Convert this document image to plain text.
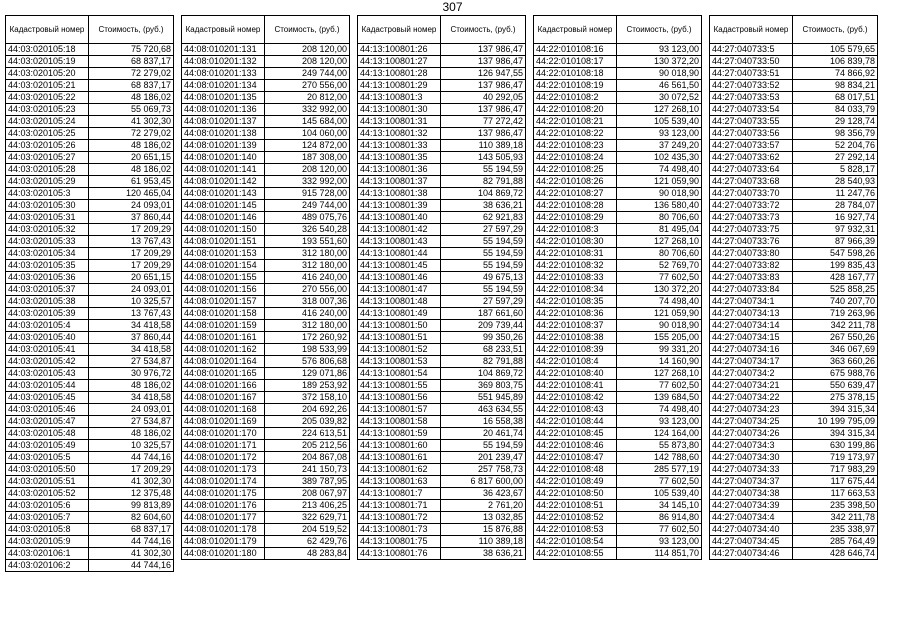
307
Кадастровый номер	Стоимость, (руб.)
44:03:020105:18	75 720,68
44:03:020105:19	68 837,17
44:03:020105:20	72 279,02
44:03:020105:21	68 837,17
44:03:020105:22	48 186,02
44:03:020105:23	55 069,73
44:03:020105:24	41 302,30
44:03:020105:25	72 279,02
44:03:020105:26	48 186,02
44:03:020105:27	20 651,15
44:03:020105:28	48 186,02
44:03:020105:29	61 953,45
44:03:020105:3	120 465,04
44:03:020105:30	24 093,01
44:03:020105:31	37 860,44
44:03:020105:32	17 209,29
44:03:020105:33	13 767,43
44:03:020105:34	17 209,29
44:03:020105:35	17 209,29
44:03:020105:36	20 651,15
44:03:020105:37	24 093,01
44:03:020105:38	10 325,57
44:03:020105:39	13 767,43
44:03:020105:4	34 418,58
44:03:020105:40	37 860,44
44:03:020105:41	34 418,58
44:03:020105:42	27 534,87
44:03:020105:43	30 976,72
44:03:020105:44	48 186,02
44:03:020105:45	34 418,58
44:03:020105:46	24 093,01
44:03:020105:47	27 534,87
44:03:020105:48	48 186,02
44:03:020105:49	10 325,57
44:03:020105:5	44 744,16
44:03:020105:50	17 209,29
44:03:020105:51	41 302,30
44:03:020105:52	12 375,48
44:03:020105:6	99 813,89
44:03:020105:7	82 604,60
44:03:020105:8	68 837,17
44:03:020105:9	44 744,16
44:03:020106:1	41 302,30
44:03:020106:2	44 744,16
Кадастровый номер	Стоимость, (руб.)
44:08:010201:131	208 120,00
44:08:010201:132	208 120,00
44:08:010201:133	249 744,00
44:08:010201:134	270 556,00
44:08:010201:135	20 812,00
44:08:010201:136	332 992,00
44:08:010201:137	145 684,00
44:08:010201:138	104 060,00
44:08:010201:139	124 872,00
44:08:010201:140	187 308,00
44:08:010201:141	208 120,00
44:08:010201:142	332 992,00
44:08:010201:143	915 728,00
44:08:010201:145	249 744,00
44:08:010201:146	489 075,76
44:08:010201:150	326 540,28
44:08:010201:151	193 551,60
44:08:010201:153	312 180,00
44:08:010201:154	312 180,00
44:08:010201:155	416 240,00
44:08:010201:156	270 556,00
44:08:010201:157	318 007,36
44:08:010201:158	416 240,00
44:08:010201:159	312 180,00
44:08:010201:161	172 260,92
44:08:010201:162	198 533,99
44:08:010201:164	576 806,68
44:08:010201:165	129 071,86
44:08:010201:166	189 253,92
44:08:010201:167	372 158,10
44:08:010201:168	204 692,26
44:08:010201:169	205 039,82
44:08:010201:170	224 613,51
44:08:010201:171	205 212,56
44:08:010201:172	204 867,08
44:08:010201:173	241 150,73
44:08:010201:174	389 787,95
44:08:010201:175	208 067,97
44:08:010201:176	213 406,25
44:08:010201:177	322 629,71
44:08:010201:178	204 519,52
44:08:010201:179	62 429,76
44:08:010201:180	48 283,84
Кадастровый номер	Стоимость, (руб.)
44:13:100801:26	137 986,47
44:13:100801:27	137 986,47
44:13:100801:28	126 947,55
44:13:100801:29	137 986,47
44:13:100801:3	40 292,05
44:13:100801:30	137 986,47
44:13:100801:31	77 272,42
44:13:100801:32	137 986,47
44:13:100801:33	110 389,18
44:13:100801:35	143 505,93
44:13:100801:36	55 194,59
44:13:100801:37	82 791,88
44:13:100801:38	104 869,72
44:13:100801:39	38 636,21
44:13:100801:40	62 921,83
44:13:100801:42	27 597,29
44:13:100801:43	55 194,59
44:13:100801:44	55 194,59
44:13:100801:45	55 194,59
44:13:100801:46	49 675,13
44:13:100801:47	55 194,59
44:13:100801:48	27 597,29
44:13:100801:49	187 661,60
44:13:100801:50	209 739,44
44:13:100801:51	99 350,26
44:13:100801:52	68 233,51
44:13:100801:53	82 791,88
44:13:100801:54	104 869,72
44:13:100801:55	369 803,75
44:13:100801:56	551 945,89
44:13:100801:57	463 634,55
44:13:100801:58	16 558,38
44:13:100801:59	20 461,74
44:13:100801:60	55 194,59
44:13:100801:61	201 239,47
44:13:100801:62	257 758,73
44:13:100801:63	6 817 600,00
44:13:100801:7	36 423,67
44:13:100801:71	2 761,20
44:13:100801:72	13 032,85
44:13:100801:73	15 876,88
44:13:100801:75	110 389,18
44:13:100801:76	38 636,21
Кадастровый номер	Стоимость, (руб.)
44:22:010108:16	93 123,00
44:22:010108:17	130 372,20
44:22:010108:18	90 018,90
44:22:010108:19	46 561,50
44:22:010108:2	30 072,52
44:22:010108:20	127 268,10
44:22:010108:21	105 539,40
44:22:010108:22	93 123,00
44:22:010108:23	37 249,20
44:22:010108:24	102 435,30
44:22:010108:25	74 498,40
44:22:010108:26	121 059,90
44:22:010108:27	90 018,90
44:22:010108:28	136 580,40
44:22:010108:29	80 706,60
44:22:010108:3	81 495,04
44:22:010108:30	127 268,10
44:22:010108:31	80 706,60
44:22:010108:32	52 769,70
44:22:010108:33	77 602,50
44:22:010108:34	130 372,20
44:22:010108:35	74 498,40
44:22:010108:36	121 059,90
44:22:010108:37	90 018,90
44:22:010108:38	155 205,00
44:22:010108:39	99 331,20
44:22:010108:4	14 160,90
44:22:010108:40	127 268,10
44:22:010108:41	77 602,50
44:22:010108:42	139 684,50
44:22:010108:43	74 498,40
44:22:010108:44	93 123,00
44:22:010108:45	124 164,00
44:22:010108:46	55 873,80
44:22:010108:47	142 788,60
44:22:010108:48	285 577,19
44:22:010108:49	77 602,50
44:22:010108:50	105 539,40
44:22:010108:51	34 145,10
44:22:010108:52	86 914,80
44:22:010108:53	77 602,50
44:22:010108:54	93 123,00
44:22:010108:55	114 851,70
Кадастровый номер	Стоимость, (руб.)
44:27:040733:5	105 579,65
44:27:040733:50	106 839,78
44:27:040733:51	74 866,92
44:27:040733:52	98 834,21
44:27:040733:53	68 017,51
44:27:040733:54	84 033,79
44:27:040733:55	29 128,74
44:27:040733:56	98 356,79
44:27:040733:57	52 204,76
44:27:040733:62	27 292,14
44:27:040733:64	5 828,17
44:27:040733:68	28 540,93
44:27:040733:70	11 247,76
44:27:040733:72	28 784,07
44:27:040733:73	16 927,74
44:27:040733:75	97 932,31
44:27:040733:76	87 966,39
44:27:040733:80	547 598,26
44:27:040733:82	199 835,43
44:27:040733:83	428 167,77
44:27:040733:84	525 858,25
44:27:040734:1	740 207,70
44:27:040734:13	719 263,96
44:27:040734:14	342 211,78
44:27:040734:15	267 550,26
44:27:040734:16	346 067,69
44:27:040734:17	363 660,26
44:27:040734:2	675 988,76
44:27:040734:21	550 639,47
44:27:040734:22	275 378,15
44:27:040734:23	394 315,34
44:27:040734:25	10 199 795,09
44:27:040734:26	394 315,34
44:27:040734:3	630 199,86
44:27:040734:30	719 173,97
44:27:040734:33	717 983,29
44:27:040734:37	117 675,44
44:27:040734:38	117 663,53
44:27:040734:39	235 398,50
44:27:040734:4	342 211,78
44:27:040734:40	235 338,97
44:27:040734:45	285 764,49
44:27:040734:46	428 646,74
